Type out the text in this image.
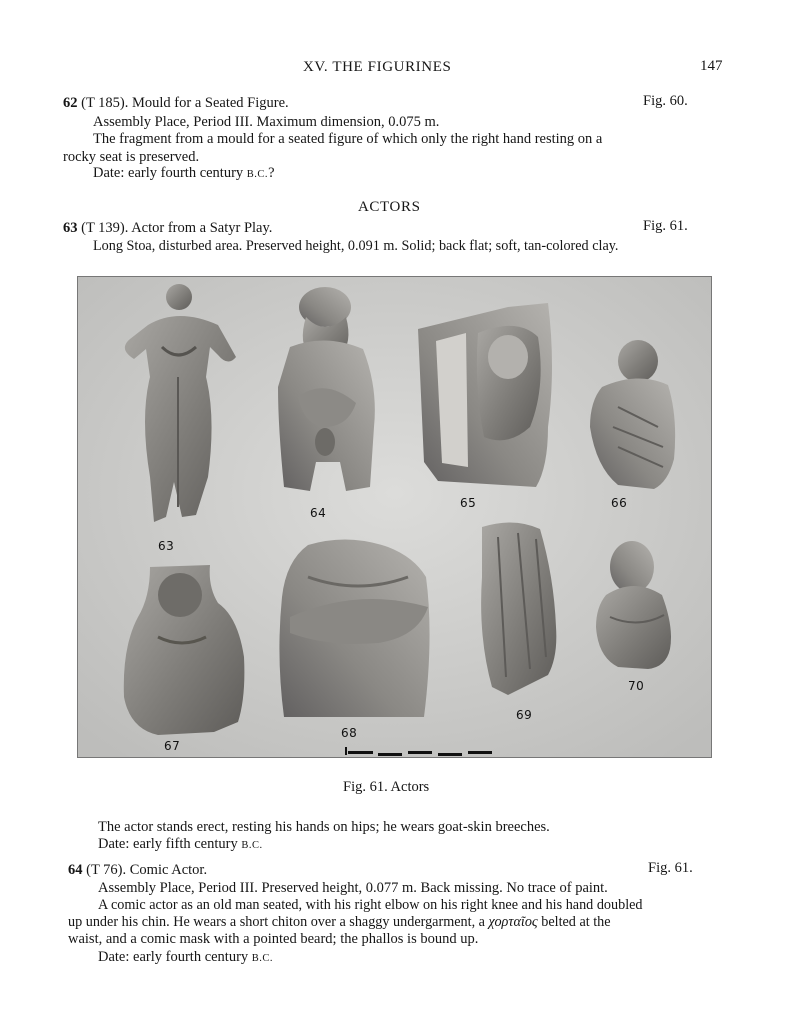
XV. THE FIGURINES	147
62 (T 185). Mould for a Seated Figure.	Fig. 60.
Assembly Place, Period III. Maximum dimension, 0.075 m.
The fragment from a mould for a seated figure of which only the right hand resting on a
rocky seat is preserved.
Date: early fourth century B.C.?
ACTORS
63 (T 139). Actor from a Satyr Play.	Fig. 61.
Long Stoa, disturbed area. Preserved height, 0.091 m. Solid; back flat; soft, tan-colored clay.
63
64
65	66
67
68
69
70
Fig. 61. Actors
The actor stands erect, resting his hands on hips; he wears goat-skin breeches.
Date: early fifth century B.C.
64 (T 76). Comic Actor.	Fig. 61.
Assembly Place, Period III. Preserved height, 0.077 m. Back missing. No trace of paint.
A comic actor as an old man seated, with his right elbow on his right knee and his hand doubled
up under his chin. He wears a short chiton over a shaggy undergarment, a χορταῖος belted at the
waist, and a comic mask with a pointed beard; the phallos is bound up.
Date: early fourth century B.C.
